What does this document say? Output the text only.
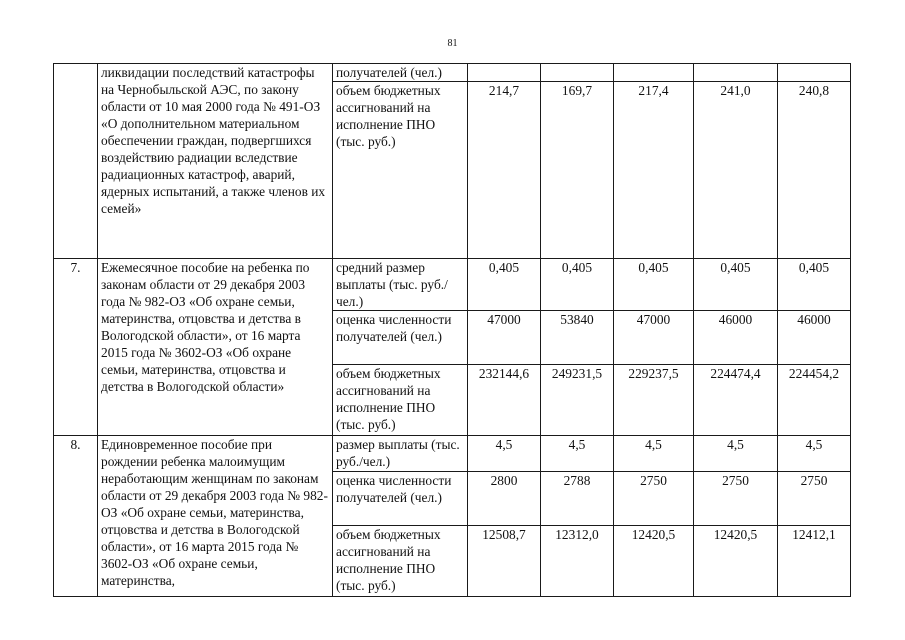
81

	ликвидации последствий катастрофы на Чернобыльской АЭС, по закону области от 10 мая 2000 года № 491-ОЗ «О дополнительном материальном обеспечении граждан, подвергшихся воздействию радиации вследствие радиационных катастроф, аварий, ядерных испытаний, а также членов их семей»	получателей (чел.)					

		объем бюджетных ассигнований на исполнение ПНО (тыс. руб.)	214,7	169,7	217,4	241,0	240,8
7.	Ежемесячное пособие на ребенка по законам области от 29 декабря 2003 года № 982-ОЗ «Об охране семьи, материнства, отцовства и детства в Вологодской области», от 16 марта 2015 года № 3602-ОЗ «Об охране семьи, материнства, отцовства и детства в Вологодской области»	средний размер выплаты (тыс. руб./чел.)	0,405	0,405	0,405	0,405	0,405

		оценка численности получателей (чел.)	47000	53840	47000	46000	46000

		объем бюджетных ассигнований на исполнение ПНО (тыс. руб.)	232144,6	249231,5	229237,5	224474,4	224454,2
8.	Единовременное пособие при рождении ребенка малоимущим неработающим женщинам по законам области от 29 декабря 2003 года № 982-ОЗ «Об охране семьи, материнства, отцовства и детства в Вологодской области», от 16 марта 2015 года № 3602-ОЗ «Об охране семьи, материнства,	размер выплаты (тыс. руб./чел.)	4,5	4,5	4,5	4,5	4,5

		оценка численности получателей (чел.)	2800	2788	2750	2750	2750

		объем бюджетных ассигнований на исполнение ПНО (тыс. руб.)	12508,7	12312,0	12420,5	12420,5	12412,1
